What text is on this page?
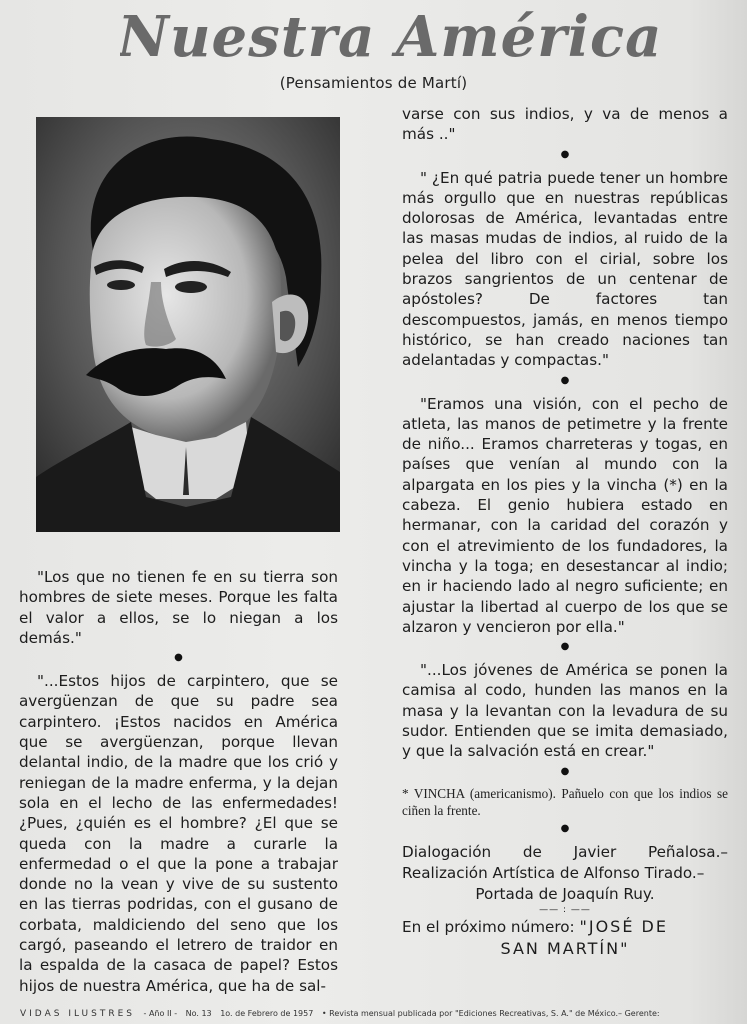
Nuestra América
(Pensamientos de Martí)

"Los que no tienen fe en su tierra son hombres de siete meses. Porque les falta el valor a ellos, se lo niegan a los demás."

●

"...Estos hijos de carpintero, que se avergüenzan de que su padre sea carpintero. ¡Estos nacidos en América que se avergüenzan, porque llevan delantal indio, de la madre que los crió y reniegan de la madre enferma, y la dejan sola en el lecho de las enfermedades! ¿Pues, ¿quién es el hombre? ¿El que se queda con la madre a curarle la enfermedad o el que la pone a trabajar donde no la vean y vive de su sustento en las tierras podridas, con el gusano de corbata, maldiciendo del seno que los cargó, paseando el letrero de traidor en la espalda de la casaca de papel? Estos hijos de nuestra América, que ha de sal-

varse con sus indios, y va de menos a más .."

●

" ¿En qué patria puede tener un hombre más orgullo que en nuestras repúblicas dolorosas de América, levantadas entre las masas mudas de indios, al ruido de la pelea del libro con el cirial, sobre los brazos sangrientos de un centenar de apóstoles? De factores tan descompuestos, jamás, en menos tiempo histórico, se han creado naciones tan adelantadas y compactas."

●

"Eramos una visión, con el pecho de atleta, las manos de petimetre y la frente de niño... Eramos charreteras y togas, en países que venían al mundo con la alpargata en los pies y la vincha (*) en la cabeza. El genio hubiera estado en hermanar, con la caridad del corazón y con el atrevimiento de los fundadores, la vincha y la toga; en desestancar al indio; en ir haciendo lado al negro suficiente; en ajustar la libertad al cuerpo de los que se alzaron y vencieron por ella."

●

"...Los jóvenes de América se ponen la camisa al codo, hunden las manos en la masa y la levantan con la levadura de su sudor. Entienden que se imita demasiado, y que la salvación está en crear."

●

* VINCHA (americanismo). Pañuelo con que los indios se ciñen la frente.

●

Dialogación de Javier Peñalosa.–Realización Artística de Alfonso Tirado.–

Portada de Joaquín Ruy.

—— : ——
En el próximo número: "JOSÉ DE
SAN MARTÍN"
VIDAS ILUSTRES - Año II - No. 13 1o. de Febrero de 1957 • Revista mensual publicada por "Ediciones Recreativas, S. A." de México.– Gerente:
